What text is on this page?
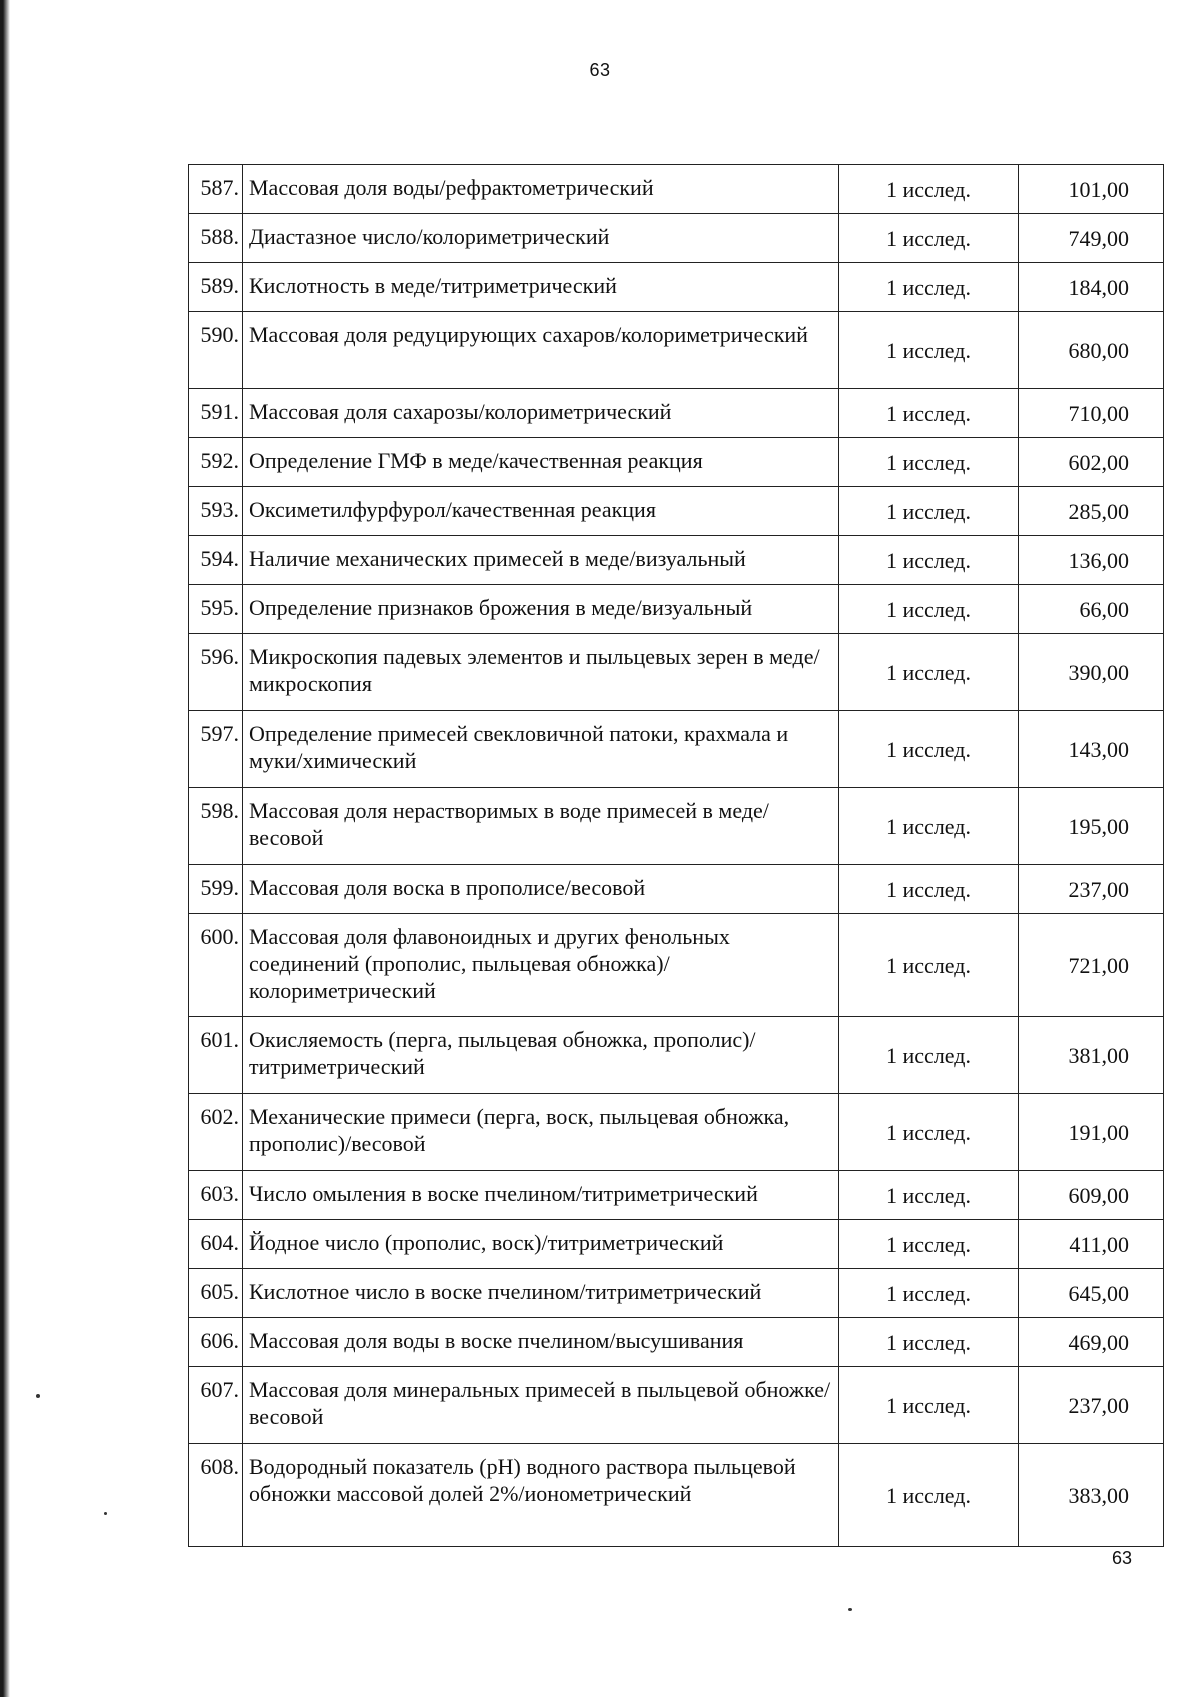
63
587.	Массовая доля воды/рефрактометрический	1 исслед.	101,00
588.	Диастазное число/колориметрический	1 исслед.	749,00
589.	Кислотность в меде/титриметрический	1 исслед.	184,00
590.	Массовая доля редуцирующих сахаров/колориметрический	1 исслед.	680,00
591.	Массовая доля сахарозы/колориметрический	1 исслед.	710,00
592.	Определение ГМФ в меде/качественная реакция	1 исслед.	602,00
593.	Оксиметилфурфурол/качественная реакция	1 исслед.	285,00
594.	Наличие механических примесей в меде/визуальный	1 исслед.	136,00
595.	Определение признаков брожения в меде/визуальный	1 исслед.	66,00
596.	Микроскопия падевых элементов и пыльцевых зерен в меде/микроскопия	1 исслед.	390,00
597.	Определение примесей свекловичной патоки, крахмала и муки/химический	1 исслед.	143,00
598.	Массовая доля нерастворимых в воде примесей в меде/весовой	1 исслед.	195,00
599.	Массовая доля воска в прополисе/весовой	1 исслед.	237,00
600.	Массовая доля флавоноидных и других фенольных соединений (прополис, пыльцевая обножка)/колориметрический	1 исслед.	721,00
601.	Окисляемость (перга, пыльцевая обножка, прополис)/титриметрический	1 исслед.	381,00
602.	Механические примеси (перга, воск, пыльцевая обножка, прополис)/весовой	1 исслед.	191,00
603.	Число омыления в воске пчелином/титриметрический	1 исслед.	609,00
604.	Йодное число (прополис, воск)/титриметрический	1 исслед.	411,00
605.	Кислотное число в воске пчелином/титриметрический	1 исслед.	645,00
606.	Массовая доля воды в воске пчелином/высушивания	1 исслед.	469,00
607.	Массовая доля минеральных примесей в пыльцевой обножке/весовой	1 исслед.	237,00
608.	Водородный показатель (pH) водного раствора пыльцевой обножки массовой долей 2%/ионометрический	1 исслед.	383,00
63
